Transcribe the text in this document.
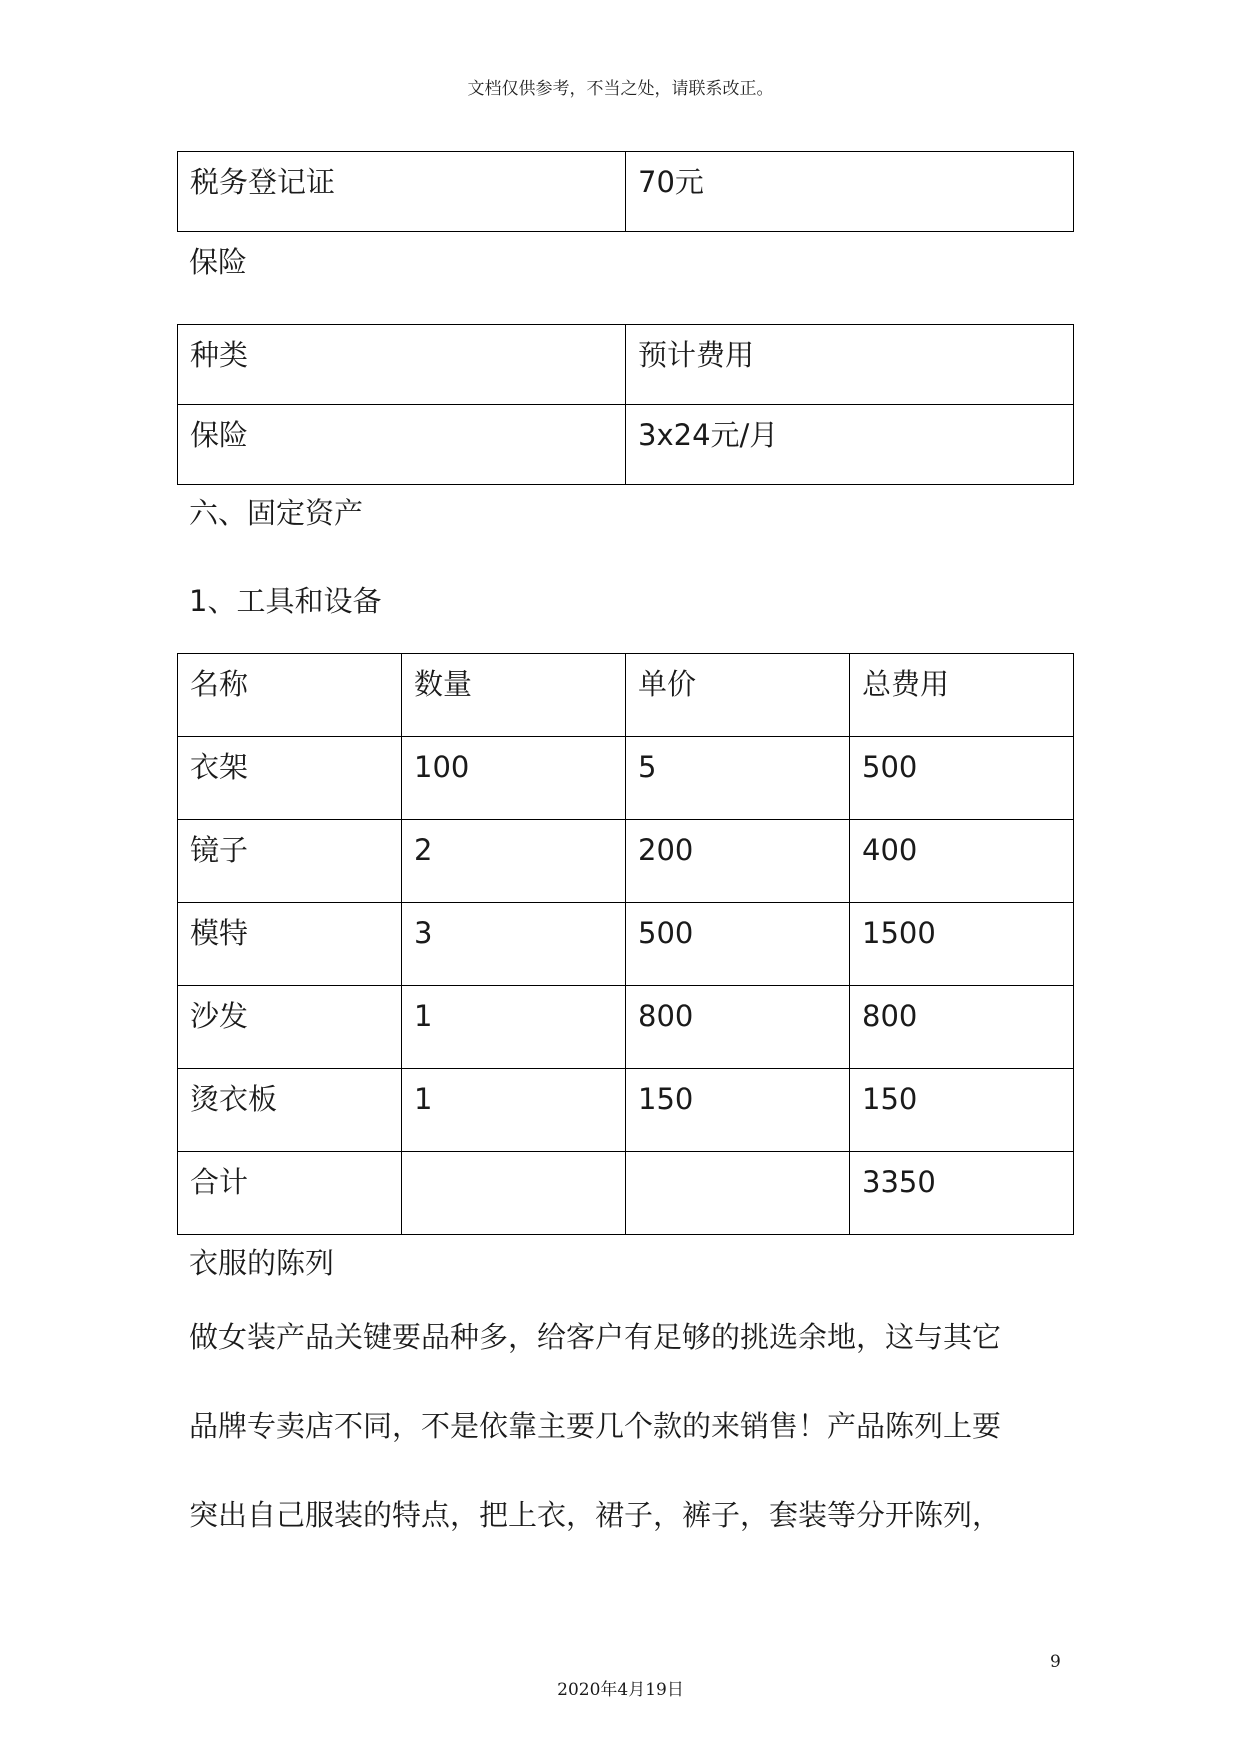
文档仅供参考，不当之处，请联系改正。
税务登记证	70元
保险
种类	预计费用
保险	3x24元/月
六、固定资产
1、工具和设备
名称	数量	单价	总费用
衣架	100	5	500
镜子	2	200	400
模特	3	500	1500
沙发	1	800	800
烫衣板	1	150	150
合计			3350
衣服的陈列
做女装产品关键要品种多，给客户有足够的挑选余地，这与其它
品牌专卖店不同，不是依靠主要几个款的来销售！产品陈列上要
突出自己服装的特点，把上衣，裙子，裤子，套装等分开陈列，
9
2020年4月19日
